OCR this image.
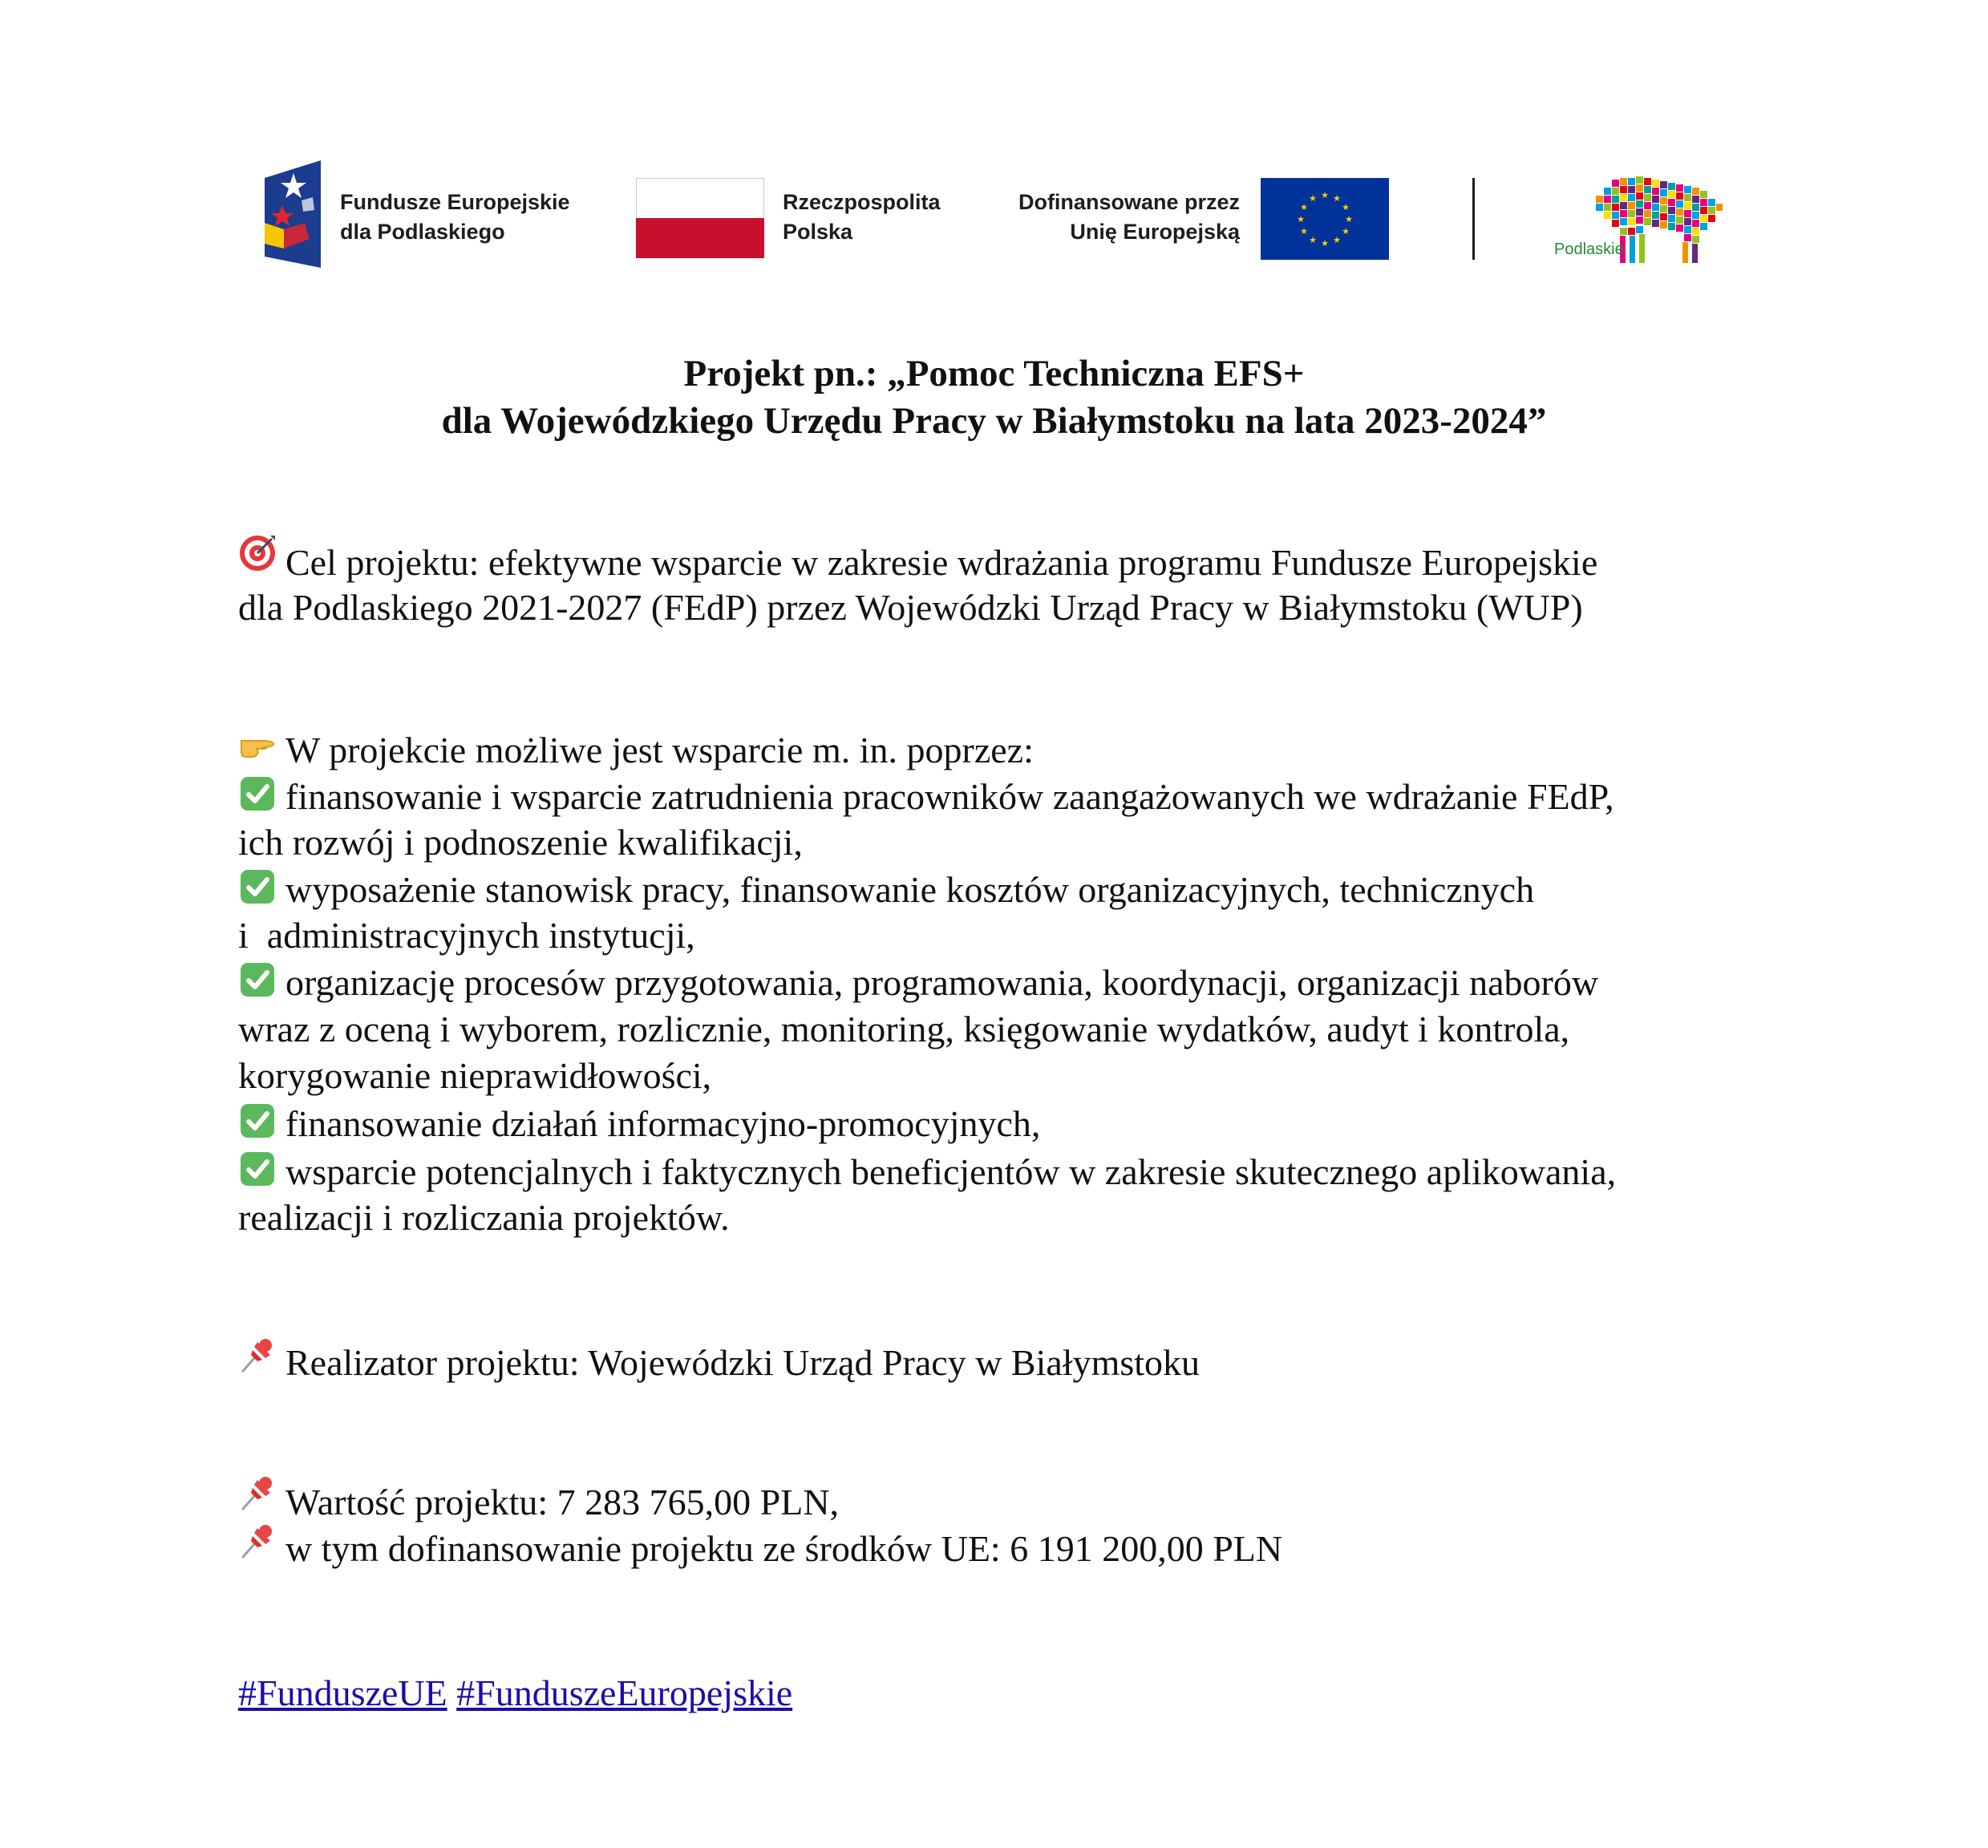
Fundusze Europejskie
dla Podlaskiego
Rzeczpospolita
Polska
Dofinansowane przez
Unię Europejską
★ ★
★
★
★
★
★
★
★
★
★
★
Podlaskie
Projekt pn.: „Pomoc Techniczna EFS+
dla Wojewódzkiego Urzędu Pracy w Białymstoku na lata 2023-2024”
Cel projektu: efektywne wsparcie w zakresie wdrażania programu Fundusze Europejskie
dla Podlaskiego 2021-2027 (FEdP) przez Wojewódzki Urząd Pracy w Białymstoku (WUP)
W projekcie możliwe jest wsparcie m. in. poprzez:
finansowanie i wsparcie zatrudnienia pracowników zaangażowanych we wdrażanie FEdP,
ich rozwój i podnoszenie kwalifikacji,
wyposażenie stanowisk pracy, finansowanie kosztów organizacyjnych, technicznych
i  administracyjnych instytucji,
organizację procesów przygotowania, programowania, koordynacji, organizacji naborów
wraz z oceną i wyborem, rozlicznie, monitoring, księgowanie wydatków, audyt i kontrola,
korygowanie nieprawidłowości,
finansowanie działań informacyjno-promocyjnych,
wsparcie potencjalnych i faktycznych beneficjentów w zakresie skutecznego aplikowania,
realizacji i rozliczania projektów.
Realizator projektu: Wojewódzki Urząd Pracy w Białymstoku
Wartość projektu: 7 283 765,00 PLN,
w tym dofinansowanie projektu ze środków UE: 6 191 200,00 PLN
#FunduszeUE #FunduszeEuropejskie
